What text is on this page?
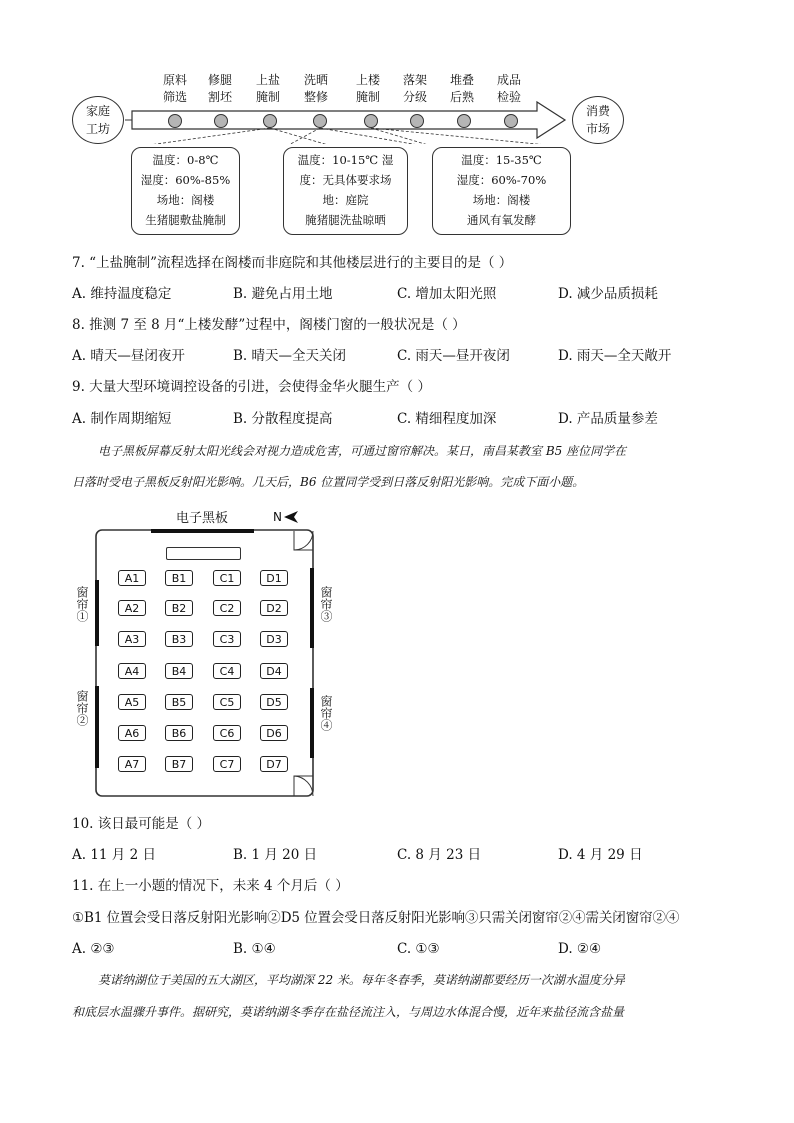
家庭
工坊
消费
市场
原料
筛选
修腿
割坯
上盐
腌制
洗晒
整修
上楼
腌制
落架
分级
堆叠
后熟
成品
检验
温度：0-8℃
湿度：60%-85%
场地：阁楼
生猪腿敷盐腌制
温度：10-15℃ 湿
度：无具体要求场
地：庭院
腌猪腿洗盐晾晒
温度：15-35℃
湿度：60%-70%
场地：阁楼
通风有氧发酵
7. “上盐腌制”流程选择在阁楼而非庭院和其他楼层进行的主要目的是（ ）
A. 维持温度稳定	B. 避免占用土地	C. 增加太阳光照	D. 减少品质损耗
8. 推测 7 至 8 月“上楼发酵”过程中，阁楼门窗的一般状况是（ ）
A. 晴天—昼闭夜开	B. 晴天—全天关闭	C. 雨天—昼开夜闭	D. 雨天—全天敞开
9. 大量大型环境调控设备的引进，会使得金华火腿生产（ ）
A. 制作周期缩短	B. 分散程度提高	C. 精细程度加深	D. 产品质量参差
电子黑板屏幕反射太阳光线会对视力造成危害，可通过窗帘解决。某日，南昌某教室 B5 座位同学在
日落时受电子黑板反射阳光影响。几天后，B6 位置同学受到日落反射阳光影响。完成下面小题。
电子黑板	N
窗帘①
窗帘②
窗帘③
窗帘④
A1	B1	C1	D1
A2	B2	C2	D2
A3	B3	C3	D3
A4	B4	C4	D4
A5	B5	C5	D5
A6	B6	C6	D6
A7	B7	C7	D7
10. 该日最可能是（ ）
A. 11 月 2 日	B. 1 月 20 日	C. 8 月 23 日	D. 4 月 29 日
11. 在上一小题的情况下，未来 4 个月后（ ）
①B1 位置会受日落反射阳光影响②D5 位置会受日落反射阳光影响③只需关闭窗帘②④需关闭窗帘②④
A. ②③	B. ①④	C. ①③	D. ②④
莫诺纳湖位于美国的五大湖区，平均湖深 22 米。每年冬春季，莫诺纳湖都要经历一次湖水温度分异
和底层水温骤升事件。据研究，莫诺纳湖冬季存在盐径流注入，与周边水体混合慢，近年来盐径流含盐量
